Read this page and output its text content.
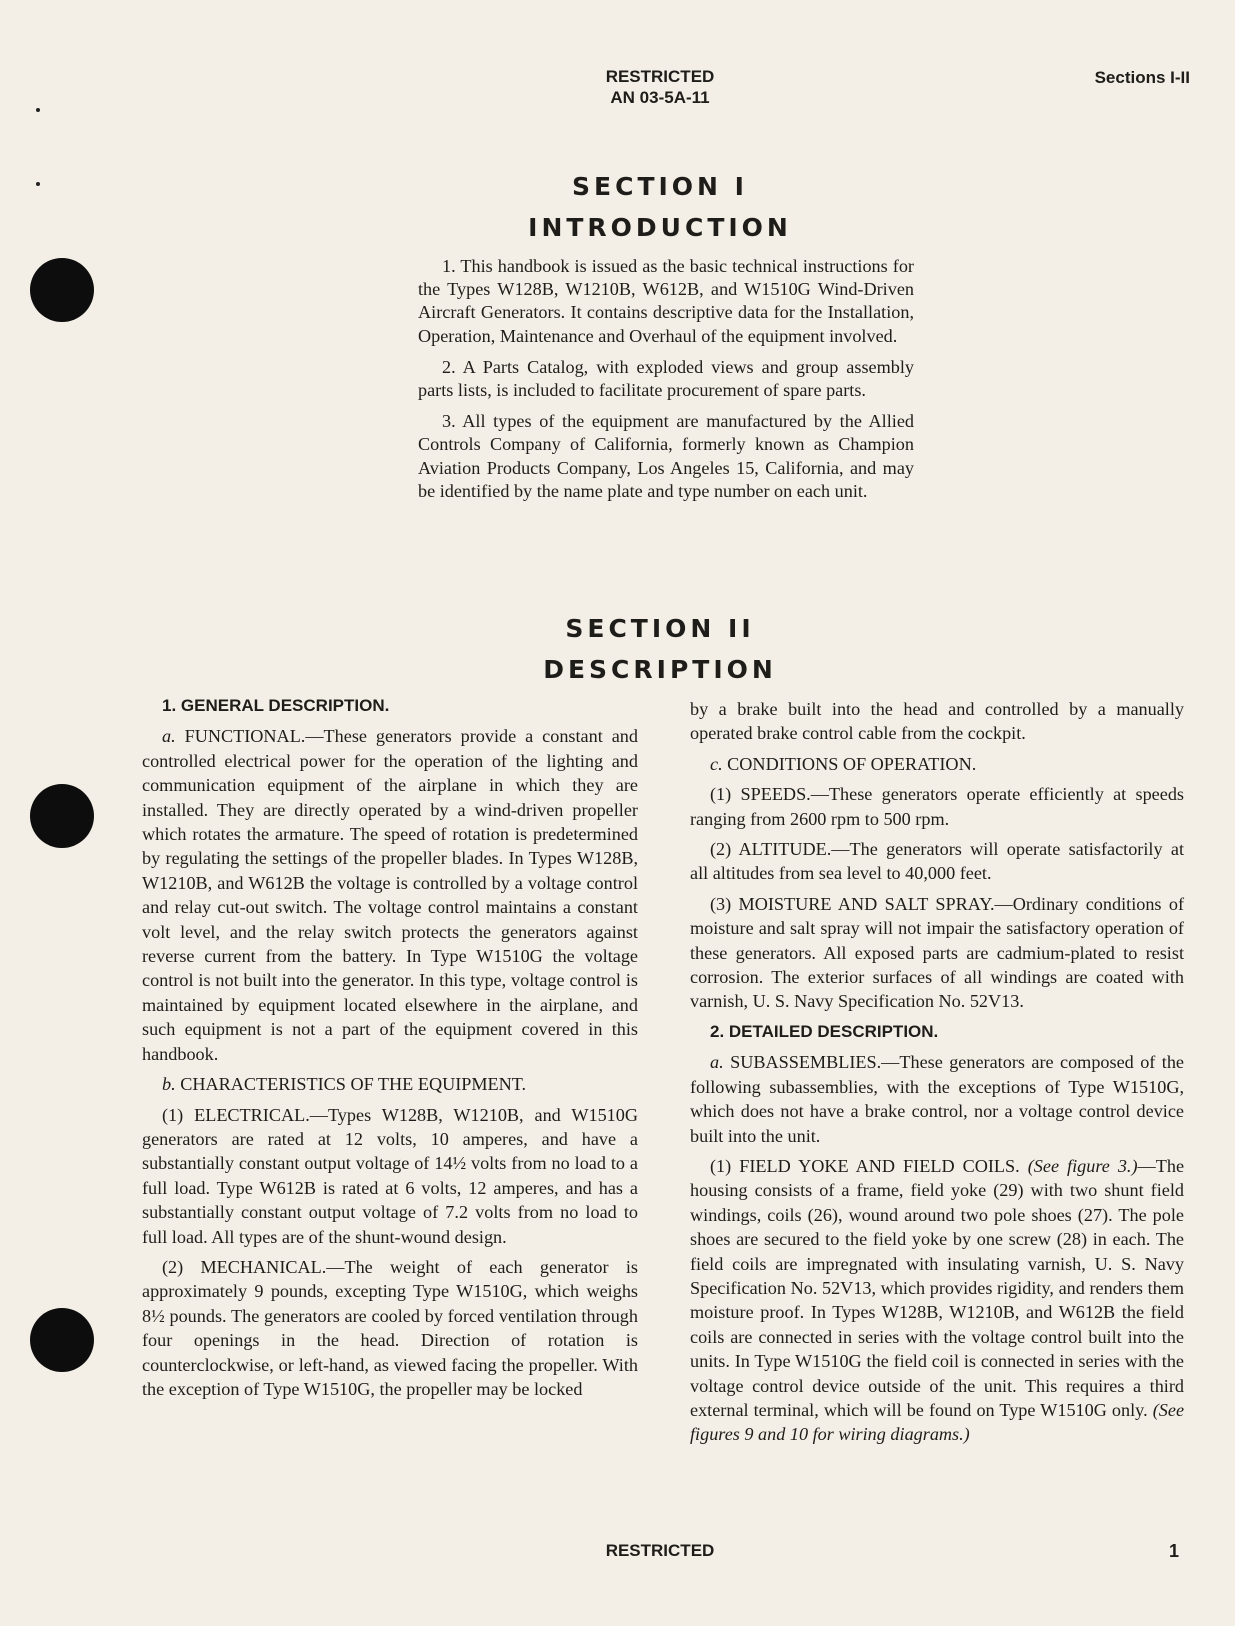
RESTRICTED
AN 03-5A-11
Sections I-II
SECTION I
INTRODUCTION

1. This handbook is issued as the basic technical instructions for the Types W128B, W1210B, W612B, and W1510G Wind-Driven Aircraft Generators. It contains descriptive data for the Installation, Operation, Maintenance and Overhaul of the equipment involved.

2. A Parts Catalog, with exploded views and group assembly parts lists, is included to facilitate procurement of spare parts.

3. All types of the equipment are manufactured by the Allied Controls Company of California, formerly known as Champion Aviation Products Company, Los Angeles 15, California, and may be identified by the name plate and type number on each unit.

SECTION II
DESCRIPTION

1. GENERAL DESCRIPTION.

a. FUNCTIONAL.—These generators provide a constant and controlled electrical power for the operation of the lighting and communication equipment of the airplane in which they are installed. They are directly operated by a wind-driven propeller which rotates the armature. The speed of rotation is predetermined by regulating the settings of the propeller blades. In Types W128B, W1210B, and W612B the voltage is controlled by a voltage control and relay cut-out switch. The voltage control maintains a constant volt level, and the relay switch protects the generators against reverse current from the battery. In Type W1510G the voltage control is not built into the generator. In this type, voltage control is maintained by equipment located elsewhere in the airplane, and such equipment is not a part of the equipment covered in this handbook.

b. CHARACTERISTICS OF THE EQUIPMENT.

(1) ELECTRICAL.—Types W128B, W1210B, and W1510G generators are rated at 12 volts, 10 amperes, and have a substantially constant output voltage of 14½ volts from no load to a full load. Type W612B is rated at 6 volts, 12 amperes, and has a substantially constant output voltage of 7.2 volts from no load to full load. All types are of the shunt-wound design.

(2) MECHANICAL.—The weight of each generator is approximately 9 pounds, excepting Type W1510G, which weighs 8½ pounds. The generators are cooled by forced ventilation through four openings in the head. Direction of rotation is counterclockwise, or left-hand, as viewed facing the propeller. With the exception of Type W1510G, the propeller may be locked

by a brake built into the head and controlled by a manually operated brake control cable from the cockpit.

c. CONDITIONS OF OPERATION.

(1) SPEEDS.—These generators operate efficiently at speeds ranging from 2600 rpm to 500 rpm.

(2) ALTITUDE.—The generators will operate satisfactorily at all altitudes from sea level to 40,000 feet.

(3) MOISTURE AND SALT SPRAY.—Ordinary conditions of moisture and salt spray will not impair the satisfactory operation of these generators. All exposed parts are cadmium-plated to resist corrosion. The exterior surfaces of all windings are coated with varnish, U. S. Navy Specification No. 52V13.

2. DETAILED DESCRIPTION.

a. SUBASSEMBLIES.—These generators are composed of the following subassemblies, with the exceptions of Type W1510G, which does not have a brake control, nor a voltage control device built into the unit.

(1) FIELD YOKE AND FIELD COILS. (See figure 3.)—The housing consists of a frame, field yoke (29) with two shunt field windings, coils (26), wound around two pole shoes (27). The pole shoes are secured to the field yoke by one screw (28) in each. The field coils are impregnated with insulating varnish, U. S. Navy Specification No. 52V13, which provides rigidity, and renders them moisture proof. In Types W128B, W1210B, and W612B the field coils are connected in series with the voltage control built into the units. In Type W1510G the field coil is connected in series with the voltage control device outside of the unit. This requires a third external terminal, which will be found on Type W1510G only. (See figures 9 and 10 for wiring diagrams.)

RESTRICTED	1
